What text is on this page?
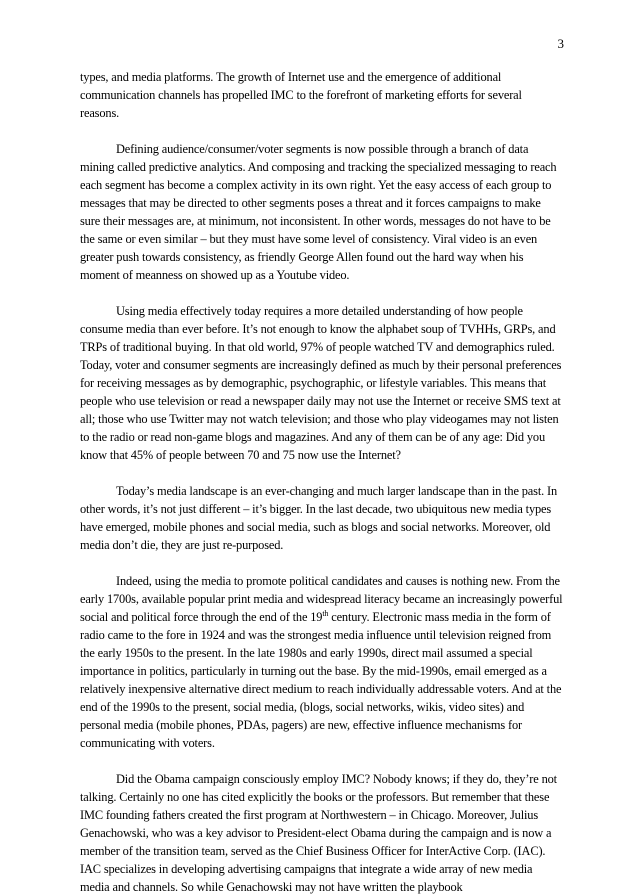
3

types, and media platforms. The growth of Internet use and the emergence of additional communication channels has propelled IMC to the forefront of marketing efforts for several reasons.

Defining audience/consumer/voter segments is now possible through a branch of data mining called predictive analytics. And composing and tracking the specialized messaging to reach each segment has become a complex activity in its own right. Yet the easy access of each group to messages that may be directed to other segments poses a threat and it forces campaigns to make sure their messages are, at minimum, not inconsistent. In other words, messages do not have to be the same or even similar – but they must have some level of consistency. Viral video is an even greater push towards consistency, as friendly George Allen found out the hard way when his moment of meanness on showed up as a Youtube video.

Using media effectively today requires a more detailed understanding of how people consume media than ever before. It’s not enough to know the alphabet soup of TVHHs, GRPs, and TRPs of traditional buying. In that old world, 97% of people watched TV and demographics ruled. Today, voter and consumer segments are increasingly defined as much by their personal preferences for receiving messages as by demographic, psychographic, or lifestyle variables. This means that people who use television or read a newspaper daily may not use the Internet or receive SMS text at all; those who use Twitter may not watch television; and those who play videogames may not listen to the radio or read non-game blogs and magazines. And any of them can be of any age: Did you know that 45% of people between 70 and 75 now use the Internet?

Today’s media landscape is an ever-changing and much larger landscape than in the past. In other words, it’s not just different – it’s bigger. In the last decade, two ubiquitous new media types have emerged, mobile phones and social media, such as blogs and social networks. Moreover, old media don’t die, they are just re-purposed.

Indeed, using the media to promote political candidates and causes is nothing new. From the early 1700s, available popular print media and widespread literacy became an increasingly powerful social and political force through the end of the 19th century. Electronic mass media in the form of radio came to the fore in 1924 and was the strongest media influence until television reigned from the early 1950s to the present. In the late 1980s and early 1990s, direct mail assumed a special importance in politics, particularly in turning out the base. By the mid-1990s, email emerged as a relatively inexpensive alternative direct medium to reach individually addressable voters. And at the end of the 1990s to the present, social media, (blogs, social networks, wikis, video sites) and personal media (mobile phones, PDAs, pagers) are new, effective influence mechanisms for communicating with voters.

Did the Obama campaign consciously employ IMC? Nobody knows; if they do, they’re not talking. Certainly no one has cited explicitly the books or the professors. But remember that these IMC founding fathers created the first program at Northwestern – in Chicago. Moreover, Julius Genachowski, who was a key advisor to President-elect Obama during the campaign and is now a member of the transition team, served as the Chief Business Officer for InterActive Corp. (IAC). IAC specializes in developing advertising campaigns that integrate a wide array of new media media and channels. So while Genachowski may not have written the playbook
